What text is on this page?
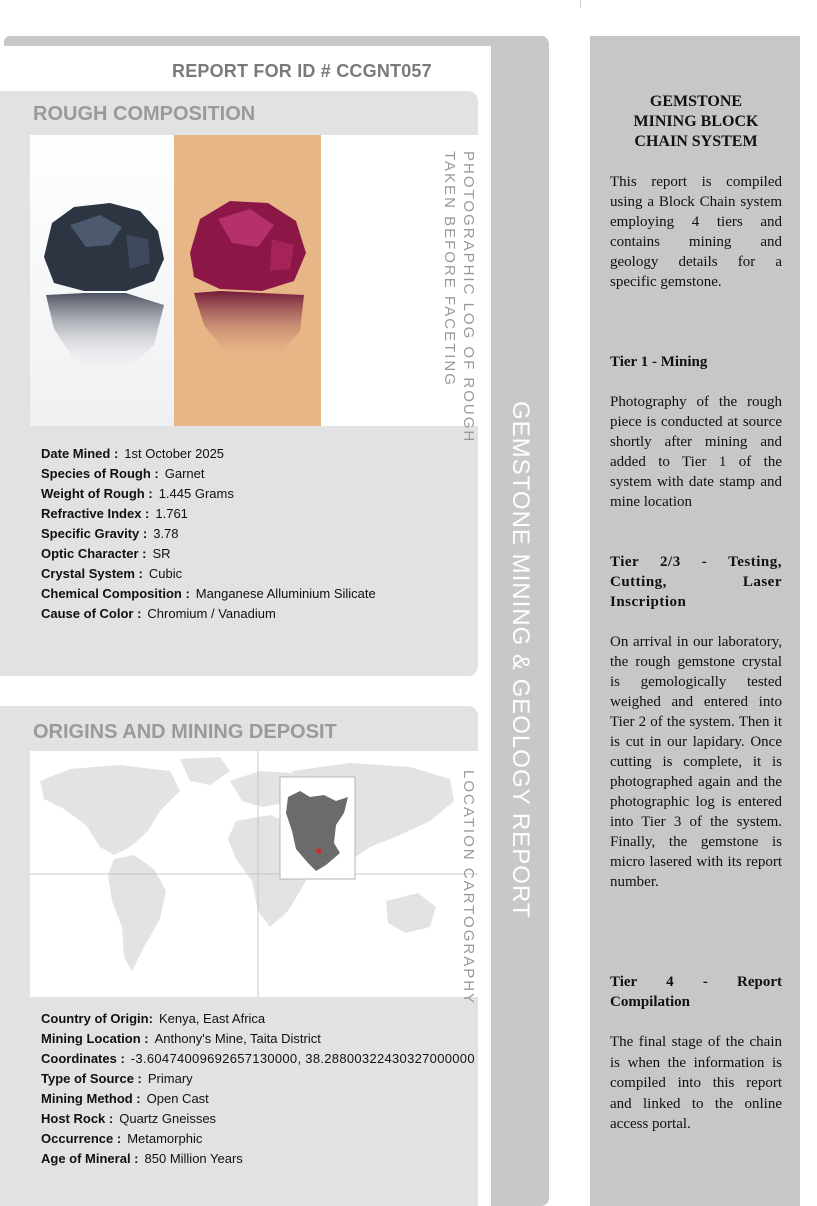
GEMSTONE MINING & GEOLOGY REPORT
REPORT FOR ID # CCGNT057
ROUGH COMPOSITION
PHOTOGRAPHIC LOG OF ROUGH
TAKEN BEFORE FACETING
Date Mined : 1st October 2025
Species of Rough : Garnet
Weight of Rough : 1.445 Grams
Refractive Index : 1.761
Specific Gravity : 3.78
Optic Character : SR
Crystal System : Cubic
Chemical Composition : Manganese Alluminium Silicate
Cause of Color : Chromium / Vanadium
ORIGINS AND MINING DEPOSIT
LOCATION CARTOGRAPHY
Country of Origin: Kenya, East Africa
Mining Location : Anthony's Mine, Taita District
Coordinates : -3.60474009692657130000, 38.28800322430327000000
Type of Source : Primary
Mining Method : Open Cast
Host Rock : Quartz Gneisses
Occurrence : Metamorphic
Age of Mineral : 850 Million Years
GEMSTONE
MINING BLOCK
CHAIN SYSTEM
This report is compiled using a Block Chain system employing 4 tiers and contains mining and geology details for a specific gemstone.
Tier 1 - Mining
Photography of the rough piece is conducted at source shortly after mining and added to Tier 1 of the system with date stamp and mine location
Tier 2/3 - Testing, Cutting, Laser Inscription
On arrival in our laboratory, the rough gemstone crystal is gemologically tested weighed and entered into Tier 2 of the system. Then it is cut in our lapidary. Once cutting is complete, it is photographed again and the photographic log is entered into Tier 3 of the system. Finally, the gemstone is micro lasered with its report number.
Tier 4 - Report Compilation
The final stage of the chain is when the information is compiled into this report and linked to the online access portal.
